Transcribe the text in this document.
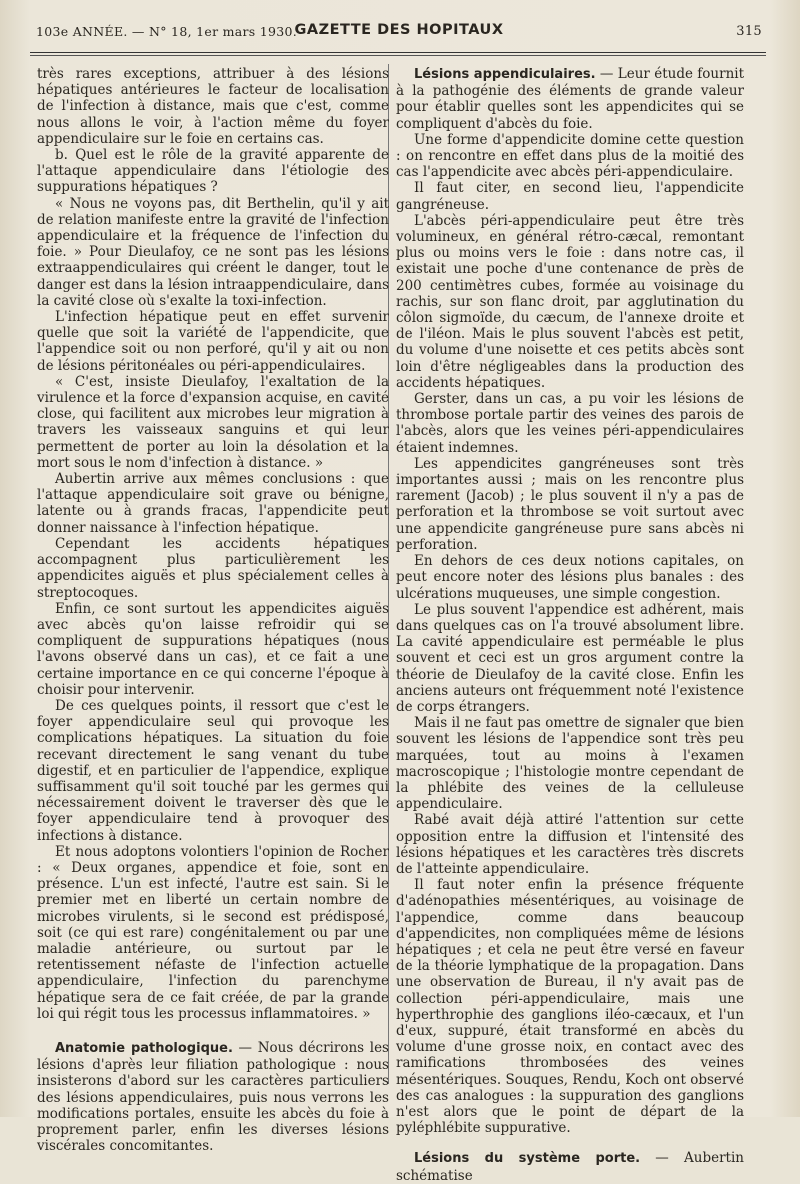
103e ANNÉE. — N° 18, 1er mars 1930.
GAZETTE DES HOPITAUX	315

très rares exceptions, attribuer à des lésions hépatiques antérieures le facteur de localisation de l'infection à distance, mais que c'est, comme nous allons le voir, à l'action même du foyer appendiculaire sur le foie en certains cas.

b. Quel est le rôle de la gravité apparente de l'attaque appendiculaire dans l'étiologie des suppurations hépatiques ?

« Nous ne voyons pas, dit Berthelin, qu'il y ait de relation manifeste entre la gravité de l'infection appendiculaire et la fréquence de l'infection du foie. » Pour Dieulafoy, ce ne sont pas les lésions extraappendiculaires qui créent le danger, tout le danger est dans la lésion intraappendiculaire, dans la cavité close où s'exalte la toxi-infection.

L'infection hépatique peut en effet survenir quelle que soit la variété de l'appendicite, que l'appendice soit ou non perforé, qu'il y ait ou non de lésions péritonéales ou péri-appendiculaires.

« C'est, insiste Dieulafoy, l'exaltation de la virulence et la force d'expansion acquise, en cavité close, qui facilitent aux microbes leur migration à travers les vaisseaux sanguins et qui leur permettent de porter au loin la désolation et la mort sous le nom d'infection à distance. »

Aubertin arrive aux mêmes conclusions : que l'attaque appendiculaire soit grave ou bénigne, latente ou à grands fracas, l'appendicite peut donner naissance à l'infection hépatique.

Cependant les accidents hépatiques accompagnent plus particulièrement les appendicites aiguës et plus spécialement celles à streptocoques.

Enfin, ce sont surtout les appendicites aiguës avec abcès qu'on laisse refroidir qui se compliquent de suppurations hépatiques (nous l'avons observé dans un cas), et ce fait a une certaine importance en ce qui concerne l'époque à choisir pour intervenir.

De ces quelques points, il ressort que c'est le foyer appendiculaire seul qui provoque les complications hépatiques. La situation du foie recevant directement le sang venant du tube digestif, et en particulier de l'appendice, explique suffisamment qu'il soit touché par les germes qui nécessairement doivent le traverser dès que le foyer appendiculaire tend à provoquer des infections à distance.

Et nous adoptons volontiers l'opinion de Rocher : « Deux organes, appendice et foie, sont en présence. L'un est infecté, l'autre est sain. Si le premier met en liberté un certain nombre de microbes virulents, si le second est prédisposé, soit (ce qui est rare) congénitalement ou par une maladie antérieure, ou surtout par le retentissement néfaste de l'infection actuelle appendiculaire, l'infection du parenchyme hépatique sera de ce fait créée, de par la grande loi qui régit tous les processus inflammatoires. »

Anatomie pathologique. — Nous décrirons les lésions d'après leur filiation pathologique : nous insisterons d'abord sur les caractères particuliers des lésions appendiculaires, puis nous verrons les modifications portales, ensuite les abcès du foie à proprement parler, enfin les diverses lésions viscérales concomitantes.

Lésions appendiculaires. — Leur étude fournit à la pathogénie des éléments de grande valeur pour établir quelles sont les appendicites qui se compliquent d'abcès du foie.

Une forme d'appendicite domine cette question : on rencontre en effet dans plus de la moitié des cas l'appendicite avec abcès péri-appendiculaire.

Il faut citer, en second lieu, l'appendicite gangréneuse.

L'abcès péri-appendiculaire peut être très volumineux, en général rétro-cæcal, remontant plus ou moins vers le foie : dans notre cas, il existait une poche d'une contenance de près de 200 centimètres cubes, formée au voisinage du rachis, sur son flanc droit, par agglutination du côlon sigmoïde, du cæcum, de l'annexe droite et de l'iléon. Mais le plus souvent l'abcès est petit, du volume d'une noisette et ces petits abcès sont loin d'être négligeables dans la production des accidents hépatiques.

Gerster, dans un cas, a pu voir les lésions de thrombose portale partir des veines des parois de l'abcès, alors que les veines péri-appendiculaires étaient indemnes.

Les appendicites gangréneuses sont très importantes aussi ; mais on les rencontre plus rarement (Jacob) ; le plus souvent il n'y a pas de perforation et la thrombose se voit surtout avec une appendicite gangréneuse pure sans abcès ni perforation.

En dehors de ces deux notions capitales, on peut encore noter des lésions plus banales : des ulcérations muqueuses, une simple congestion.

Le plus souvent l'appendice est adhérent, mais dans quelques cas on l'a trouvé absolument libre. La cavité appendiculaire est perméable le plus souvent et ceci est un gros argument contre la théorie de Dieulafoy de la cavité close. Enfin les anciens auteurs ont fréquemment noté l'existence de corps étrangers.

Mais il ne faut pas omettre de signaler que bien souvent les lésions de l'appendice sont très peu marquées, tout au moins à l'examen macroscopique ; l'histologie montre cependant de la phlébite des veines de la celluleuse appendiculaire.

Rabé avait déjà attiré l'attention sur cette opposition entre la diffusion et l'intensité des lésions hépatiques et les caractères très discrets de l'atteinte appendiculaire.

Il faut noter enfin la présence fréquente d'adénopathies mésentériques, au voisinage de l'appendice, comme dans beaucoup d'appendicites, non compliquées même de lésions hépatiques ; et cela ne peut être versé en faveur de la théorie lymphatique de la propagation. Dans une observation de Bureau, il n'y avait pas de collection péri-appendiculaire, mais une hyperthrophie des ganglions iléo-cæcaux, et l'un d'eux, suppuré, était transformé en abcès du volume d'une grosse noix, en contact avec des ramifications thrombosées des veines mésentériques. Souques, Rendu, Koch ont observé des cas analogues : la suppuration des ganglions n'est alors que le point de départ de la pyléphlébite suppurative.

Lésions du système porte. — Aubertin schématise
